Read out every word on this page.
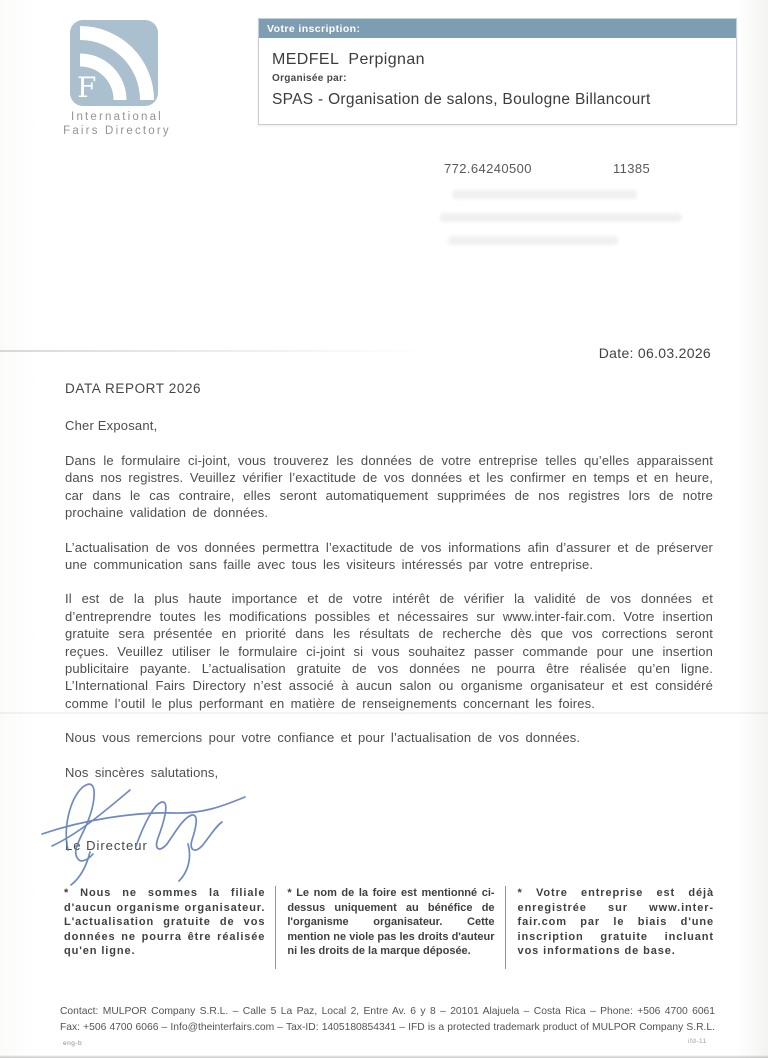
F
International
Fairs Directory
Votre inscription:
MEDFEL  Perpignan
Organisée par:
SPAS - Organisation de salons, Boulogne Billancourt
772.64240500	11385
Date: 06.03.2026
DATA REPORT 2026
Cher Exposant,

Dans le formulaire ci-joint, vous trouverez les données de votre entreprise telles qu’elles apparaissent dans nos registres. Veuillez vérifier l’exactitude de vos données et les confirmer en temps et en heure, car dans le cas contraire, elles seront automatiquement supprimées de nos registres lors de notre prochaine validation de données.

L’actualisation de vos données permettra l’exactitude de vos informations afin d’assurer et de préserver une communication sans faille avec tous les visiteurs intéressés par votre entreprise.

Il est de la plus haute importance et de votre intérêt de vérifier la validité de vos données et d’entreprendre toutes les modifications possibles et nécessaires sur www.inter-fair.com. Votre insertion gratuite sera présentée en priorité dans les résultats de recherche dès que vos corrections seront reçues. Veuillez utiliser le formulaire ci-joint si vous souhaitez passer commande pour une insertion publicitaire payante. L’actualisation gratuite de vos données ne pourra être réalisée qu’en ligne. L’International Fairs Directory n’est associé à aucun salon ou organisme organisateur et est considéré comme l’outil le plus performant en matière de renseignements concernant les foires.

Nous vous remercions pour votre confiance et pour l’actualisation de vos données.

Nos sincères salutations,

Le Directeur
* Nous ne sommes la filiale d'aucun organisme organisateur. L'actualisation gratuite de vos données ne pourra être réalisée qu'en ligne.
* Le nom de la foire est mentionné ci-dessus uniquement au bénéfice de l'organisme organisateur. Cette mention ne viole pas les droits d'auteur ni les droits de la marque déposée.
* Votre entreprise est déjà enregistrée sur www.inter-fair.com par le biais d'une inscription gratuite incluant vos informations de base.
Contact: MULPOR Company S.R.L. – Calle 5 La Paz, Local 2, Entre Av. 6 y 8 – 20101 Alajuela – Costa Rica – Phone: +506 4700 6061
Fax: +506 4700 6066 – Info@theinterfairs.com – Tax-ID: 1405180854341 – IFD is a protected trademark product of MULPOR Company S.R.L.
eng-b	ifd-11
